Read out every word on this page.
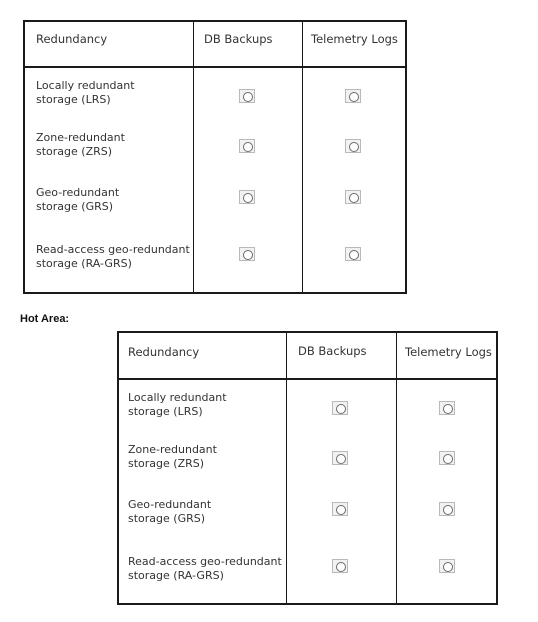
Redundancy	DB Backups	Telemetry Logs
Locally redundant
storage (LRS)
Zone-redundant
storage (ZRS)
Geo-redundant
storage (GRS)
Read-access geo-redundant
storage (RA-GRS)
Hot Area:
Redundancy	DB Backups	Telemetry Logs
Locally redundant
storage (LRS)
Zone-redundant
storage (ZRS)
Geo-redundant
storage (GRS)
Read-access geo-redundant
storage (RA-GRS)
